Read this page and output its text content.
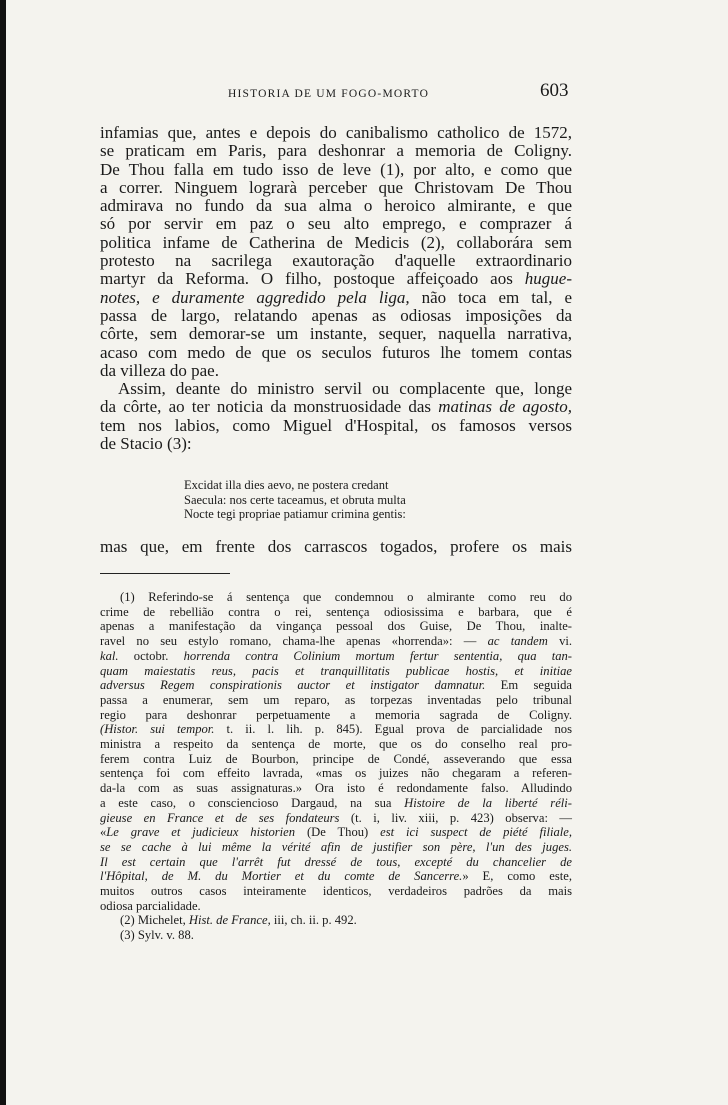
HISTORIA DE UM FOGO-MORTO	603
infamias que, antes e depois do canibalismo catholico de 1572,
se praticam em Paris, para deshonrar a memoria de Coligny.
De Thou falla em tudo isso de leve (1), por alto, e como que
a correr. Ninguem lograrà perceber que Christovam De Thou
admirava no fundo da sua alma o heroico almirante, e que
só por servir em paz o seu alto emprego, e comprazer á
politica infame de Catherina de Medicis (2), collaborára sem
protesto na sacrilega exautoração d'aquelle extraordinario
martyr da Reforma. O filho, postoque affeiçoado aos hugue-
notes, e duramente aggredido pela liga, não toca em tal, e
passa de largo, relatando apenas as odiosas imposições da
côrte, sem demorar-se um instante, sequer, naquella narrativa,
acaso com medo de que os seculos futuros lhe tomem contas
da villeza do pae.
Assim, deante do ministro servil ou complacente que, longe
da côrte, ao ter noticia da monstruosidade das matinas de agosto,
tem nos labios, como Miguel d'Hospital, os famosos versos
de Stacio (3):
Excidat illa dies aevo, ne postera credant
Saecula: nos certe taceamus, et obruta multa
Nocte tegi propriae patiamur crimina gentis:
mas que, em frente dos carrascos togados, profere os mais
(1) Referindo-se á sentença que condemnou o almirante como reu do
crime de rebellião contra o rei, sentença odiosissima e barbara, que é
apenas a manifestação da vingança pessoal dos Guise, De Thou, inalte-
ravel no seu estylo romano, chama-lhe apenas «horrenda»: — ac tandem vi.
kal. octobr. horrenda contra Colinium mortum fertur sententia, qua tan-
quam maiestatis reus, pacis et tranquillitatis publicae hostis, et initiae
adversus Regem conspirationis auctor et instigator damnatur. Em seguida
passa a enumerar, sem um reparo, as torpezas inventadas pelo tribunal
regio para deshonrar perpetuamente a memoria sagrada de Coligny.
(Histor. sui tempor. t. ii. l. lih. p. 845). Egual prova de parcialidade nos
ministra a respeito da sentença de morte, que os do conselho real pro-
ferem contra Luiz de Bourbon, principe de Condé, asseverando que essa
sentença foi com effeito lavrada, «mas os juizes não chegaram a referen-
da-la com as suas assignaturas.» Ora isto é redondamente falso. Alludindo
a este caso, o consciencioso Dargaud, na sua Histoire de la liberté réli-
gieuse en France et de ses fondateurs (t. i, liv. xiii, p. 423) observa: —
«Le grave et judicieux historien (De Thou) est ici suspect de piété filiale,
se se cache à lui même la vérité afin de justifier son père, l'un des juges.
Il est certain que l'arrêt fut dressé de tous, excepté du chancelier de
l'Hôpital, de M. du Mortier et du comte de Sancerre.» E, como este,
muitos outros casos inteiramente identicos, verdadeiros padrões da mais
odiosa parcialidade.
(2) Michelet, Hist. de France, iii, ch. ii. p. 492.
(3) Sylv. v. 88.
